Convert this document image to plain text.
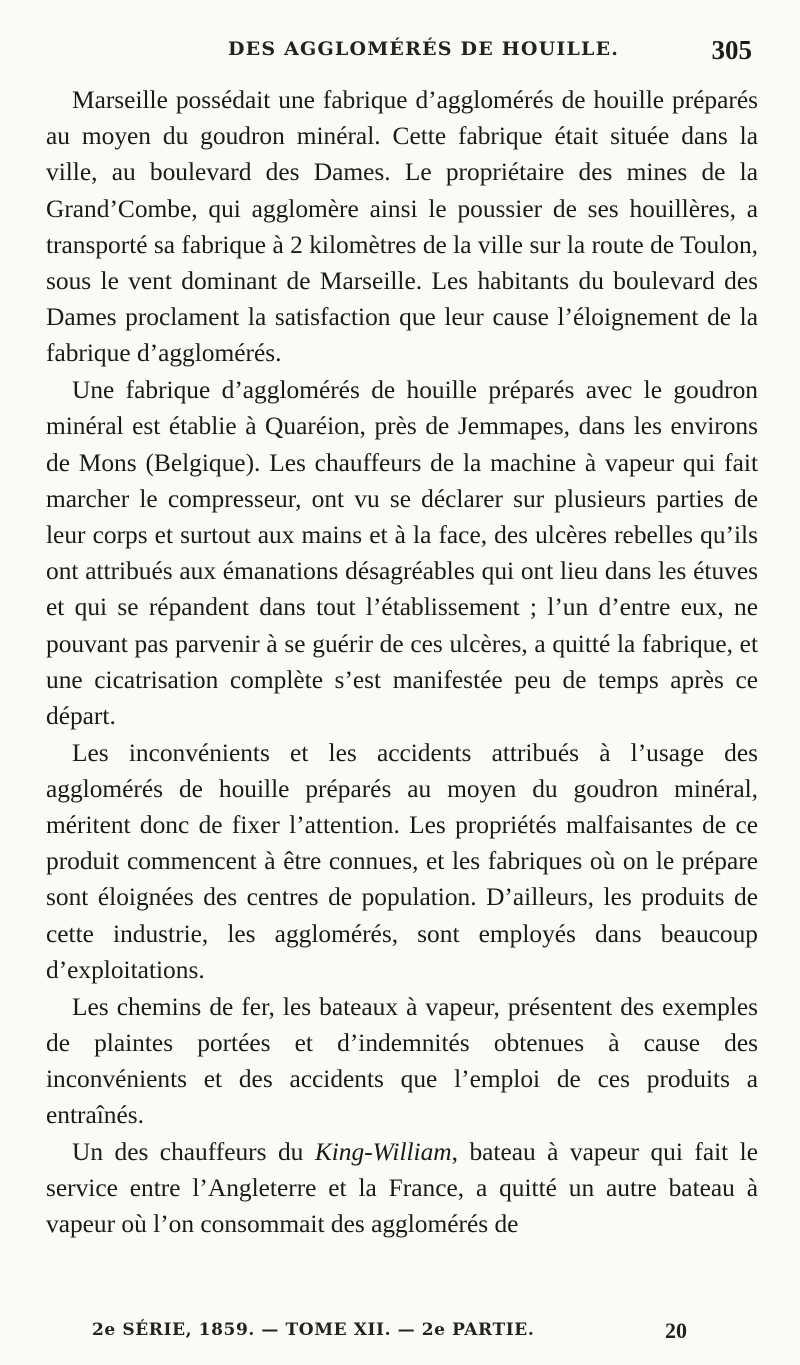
DES AGGLOMÉRÉS DE HOUILLE.	305

Marseille possédait une fabrique d’agglomérés de houille préparés au moyen du goudron minéral. Cette fabrique était située dans la ville, au boulevard des Dames. Le propriétaire des mines de la Grand’Combe, qui agglomère ainsi le poussier de ses houillères, a transporté sa fabrique à 2 kilomètres de la ville sur la route de Toulon, sous le vent dominant de Marseille. Les habitants du boulevard des Dames proclament la satisfaction que leur cause l’éloignement de la fabrique d’agglomérés.

Une fabrique d’agglomérés de houille préparés avec le goudron minéral est établie à Quaréion, près de Jemmapes, dans les environs de Mons (Belgique). Les chauffeurs de la machine à vapeur qui fait marcher le compresseur, ont vu se déclarer sur plusieurs parties de leur corps et surtout aux mains et à la face, des ulcères rebelles qu’ils ont attribués aux émanations désagréables qui ont lieu dans les étuves et qui se répandent dans tout l’établissement ; l’un d’entre eux, ne pouvant pas parvenir à se guérir de ces ulcères, a quitté la fabrique, et une cicatrisation complète s’est manifestée peu de temps après ce départ.

Les inconvénients et les accidents attribués à l’usage des agglomérés de houille préparés au moyen du goudron minéral, méritent donc de fixer l’attention. Les propriétés malfaisantes de ce produit commencent à être connues, et les fabriques où on le prépare sont éloignées des centres de population. D’ailleurs, les produits de cette industrie, les agglomérés, sont employés dans beaucoup d’exploitations.

Les chemins de fer, les bateaux à vapeur, présentent des exemples de plaintes portées et d’indemnités obtenues à cause des inconvénients et des accidents que l’emploi de ces produits a entraînés.

Un des chauffeurs du King-William, bateau à vapeur qui fait le service entre l’Angleterre et la France, a quitté un autre bateau à vapeur où l’on consommait des agglomérés de

2e SÉRIE, 1859. — TOME XII. — 2e PARTIE.	20
